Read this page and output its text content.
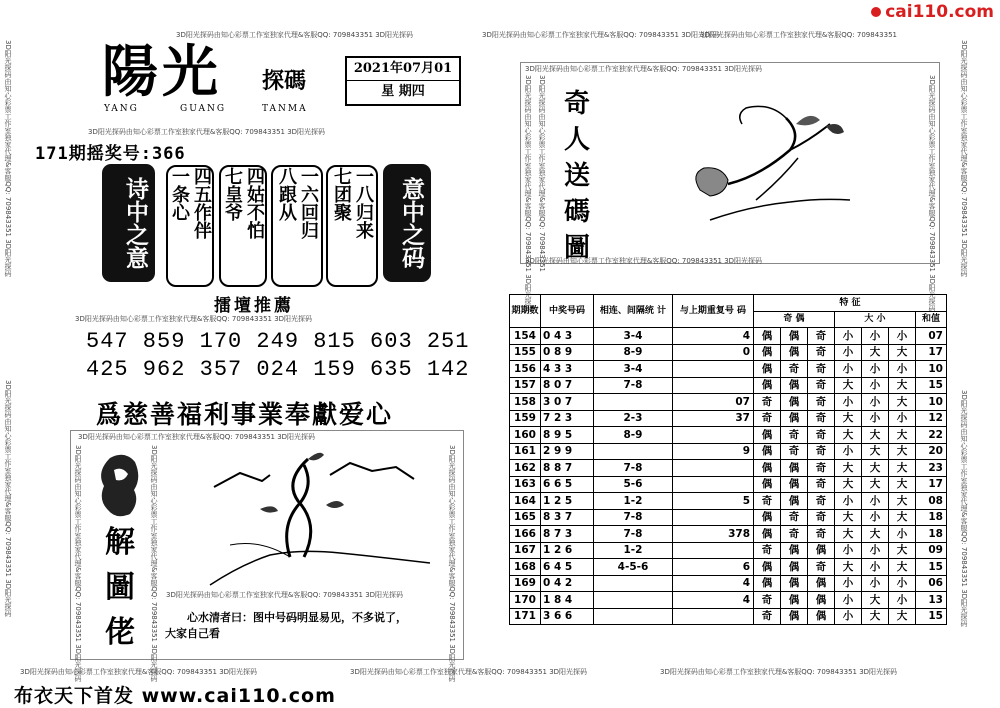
cai110.com
3D阳光探码由知心彩票工作室独家代理&客服QQ: 709843351 3D阳光探码	3D阳光探码由知心彩票工作室独家代理&客服QQ: 709843351 3D阳光探码
3D阳光探码由知心彩票工作室独家代理&客服QQ: 709843351
3D阳光探码由知心彩票工作室独家代理&客服QQ: 709843351 3D阳光探码	3D阳光探码由知心彩票工作室独家代理&客服QQ: 709843351 3D阳光探码	3D阳光探码由知心彩票工作室独家代理&客服QQ: 709843351 3D阳光探码
3D阳光探码由知心彩票工作室独家代理&客服QQ: 709843351 3D阳光探码
3D阳光探码由知心彩票工作室独家代理&客服QQ: 709843351 3D阳光探码
3D阳光探码由知心彩票工作室独家代理&客服QQ: 709843351 3D阳光探码
3D阳光探码由知心彩票工作室独家代理&客服QQ: 709843351 3D阳光探码
陽光 探碼
YANG	GUANG	TANMA
3D阳光探码由知心彩票工作室独家代理&客服QQ: 709843351 3D阳光探码
2021年07月01
星 期四
171期摇奖号:366
诗中之意	意中之码
四五作伴
一条心	四姑不怕
七皇爷	一六回归
八跟从	一八归来
七团聚
擂壇推薦
3D阳光探码由知心彩票工作室独家代理&客服QQ: 709843351 3D阳光探码
547 859 170 249 815 603 251
425 962 357 024 159 635 142
爲慈善福利事業奉獻爱心
3D阳光探码由知心彩票工作室独家代理&客服QQ: 709843351 3D阳光探码
3D阳光探码由知心彩票工作室独家代理&客服QQ: 709843351 3D阳光探码
3D阳光探码由知心彩票工作室独家代理&客服QQ: 709843351 3D阳光探码	3D阳光探码由知心彩票工作室独家代理&客服QQ: 709843351 3D阳光探码	3D阳光探码由知心彩票工作室独家代理&客服QQ: 709843351 3D阳光探码
解圖佬	心水清者曰：图中号码明显易见，不多说了，
大家自己看
3D阳光探码由知心彩票工作室独家代理&客服QQ: 709843351 3D阳光探码
3D阳光探码由知心彩票工作室独家代理&客服QQ: 709843351 3D阳光探码
3D阳光探码由知心彩票工作室独家代理&客服QQ: 709843351 3D阳光探码 3D阳光探码由知心彩票工作室独家代理&客服QQ: 709843351	3D阳光探码由知心彩票工作室独家代理&客服QQ: 709843351 3D阳光探码
奇人送碼圖
期期数	中奖号码	相连、间隔统 计	与上期重复号 码	特 征						
				奇 偶			大 小			和值
154	0 4 3	3-4	4	偶	偶	奇	小	小	小	07
155	0 8 9	8-9	0	偶	偶	奇	小	大	大	17
156	4 3 3	3-4		偶	奇	奇	小	小	小	10
157	8 0 7	7-8		偶	偶	奇	大	小	大	15
158	3 0 7		07	奇	偶	奇	小	小	大	10
159	7 2 3	2-3	37	奇	偶	奇	大	小	小	12
160	8 9 5	8-9		偶	奇	奇	大	大	大	22
161	2 9 9		9	偶	奇	奇	小	大	大	20
162	8 8 7	7-8		偶	偶	奇	大	大	大	23
163	6 6 5	5-6		偶	偶	奇	大	大	大	17
164	1 2 5	1-2	5	奇	偶	奇	小	小	大	08
165	8 3 7	7-8		偶	奇	奇	大	小	大	18
166	8 7 3	7-8	378	偶	奇	奇	大	大	小	18
167	1 2 6	1-2		奇	偶	偶	小	小	大	09
168	6 4 5	4-5-6	6	偶	偶	奇	大	小	大	15
169	0 4 2		4	偶	偶	偶	小	小	小	06
170	1 8 4		4	奇	偶	偶	小	大	小	13
171	3 6 6			奇	偶	偶	小	大	大	15
布衣天下首发 www.cai110.com
